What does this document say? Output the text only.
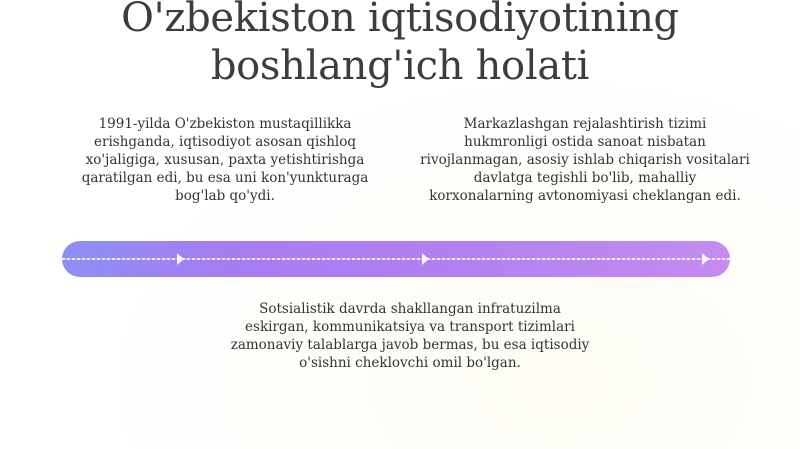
O'zbekiston iqtisodiyotining boshlang'ich holati

1991-yilda O'zbekiston mustaqillikka erishganda, iqtisodiyot asosan qishloq xo'jaligiga, xususan, paxta yetishtirishga qaratilgan edi, bu esa uni kon'yunkturaga bog'lab qo'ydi.

Markazlashgan rejalashtirish tizimi hukmronligi ostida sanoat nisbatan rivojlanmagan, asosiy ishlab chiqarish vositalari davlatga tegishli bo'lib, mahalliy korxonalarning avtonomiyasi cheklangan edi.

Sotsialistik davrda shakllangan infratuzilma eskirgan, kommunikatsiya va transport tizimlari zamonaviy talablarga javob bermas, bu esa iqtisodiy o'sishni cheklovchi omil bo'lgan.
